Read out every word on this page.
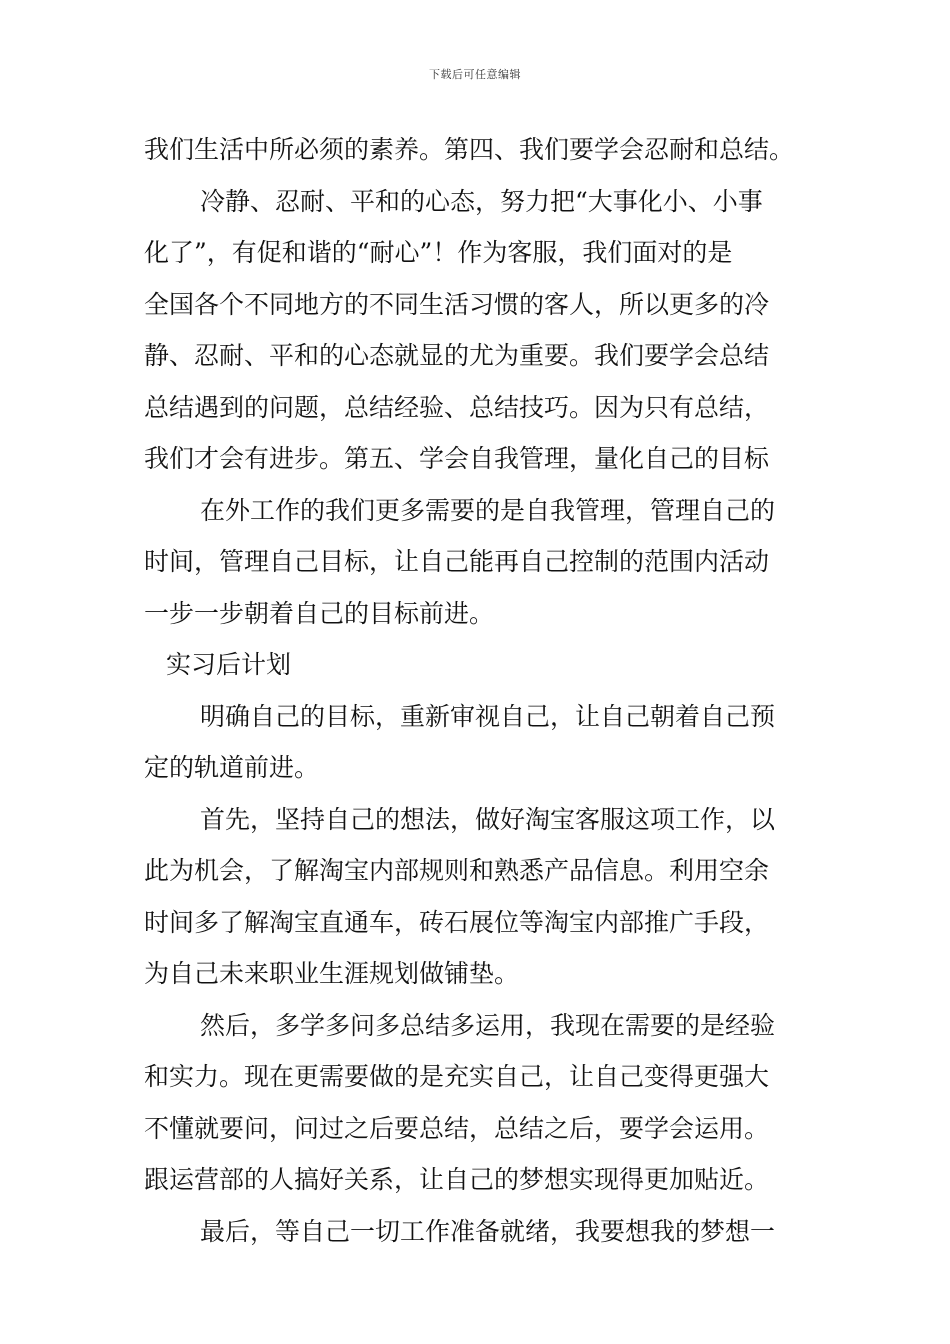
下载后可任意编辑
我们生活中所必须的素养。第四、我们要学会忍耐和总结。
冷静、忍耐、平和的心态，努力把“大事化小、小事
化了”，有促和谐的“耐心”！作为客服，我们面对的是
全国各个不同地方的不同生活习惯的客人，所以更多的冷
静、忍耐、平和的心态就显的尤为重要。我们要学会总结
总结遇到的问题，总结经验、总结技巧。因为只有总结，
我们才会有进步。第五、学会自我管理，量化自己的目标
在外工作的我们更多需要的是自我管理，管理自己的
时间，管理自己目标，让自己能再自己控制的范围内活动
一步一步朝着自己的目标前进。
实习后计划
明确自己的目标，重新审视自己，让自己朝着自己预
定的轨道前进。
首先，坚持自己的想法，做好淘宝客服这项工作，以
此为机会，了解淘宝内部规则和熟悉产品信息。利用空余
时间多了解淘宝直通车，砖石展位等淘宝内部推广手段，
为自己未来职业生涯规划做铺垫。
然后，多学多问多总结多运用，我现在需要的是经验
和实力。现在更需要做的是充实自己，让自己变得更强大
不懂就要问，问过之后要总结，总结之后，要学会运用。
跟运营部的人搞好关系，让自己的梦想实现得更加贴近。
最后，等自己一切工作准备就绪，我要想我的梦想一
